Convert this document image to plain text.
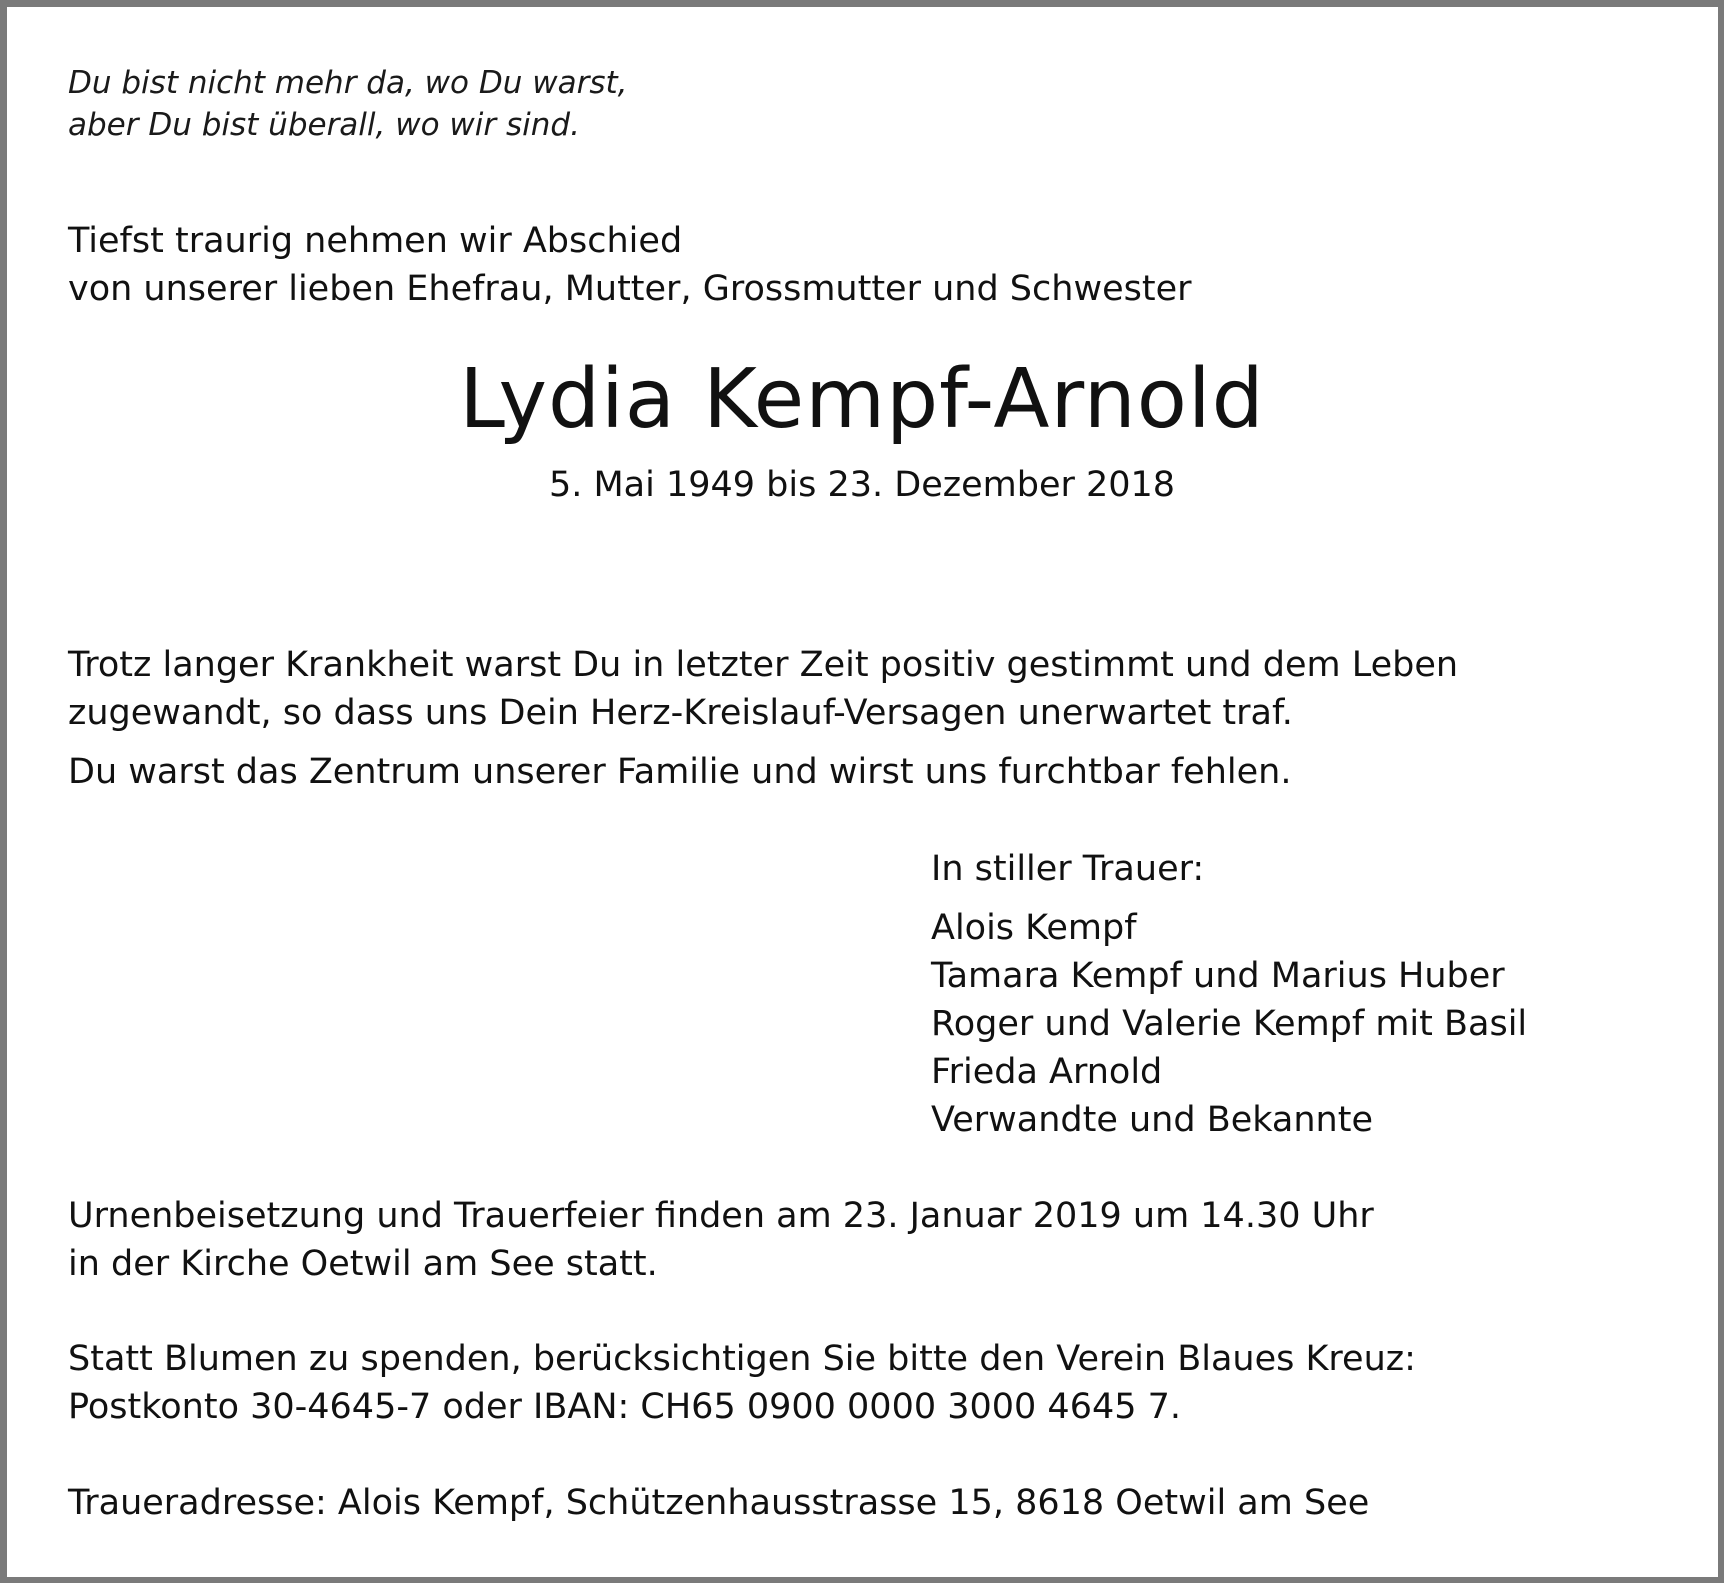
Du bist nicht mehr da, wo Du warst,
aber Du bist überall, wo wir sind.
Tiefst traurig nehmen wir Abschied
von unserer lieben Ehefrau, Mutter, Grossmutter und Schwester
Lydia Kempf-Arnold
5. Mai 1949 bis 23. Dezember 2018
Trotz langer Krankheit warst Du in letzter Zeit positiv gestimmt und dem Leben
zugewandt, so dass uns Dein Herz-Kreislauf-Versagen unerwartet traf.
Du warst das Zentrum unserer Familie und wirst uns furchtbar fehlen.
In stiller Trauer:
Alois Kempf
Tamara Kempf und Marius Huber
Roger und Valerie Kempf mit Basil
Frieda Arnold
Verwandte und Bekannte
Urnenbeisetzung und Trauerfeier finden am 23. Januar 2019 um 14.30 Uhr
in der Kirche Oetwil am See statt.
Statt Blumen zu spenden, berücksichtigen Sie bitte den Verein Blaues Kreuz:
Postkonto 30-4645-7 oder IBAN: CH65 0900 0000 3000 4645 7.
Traueradresse: Alois Kempf, Schützenhausstrasse 15, 8618 Oetwil am See
